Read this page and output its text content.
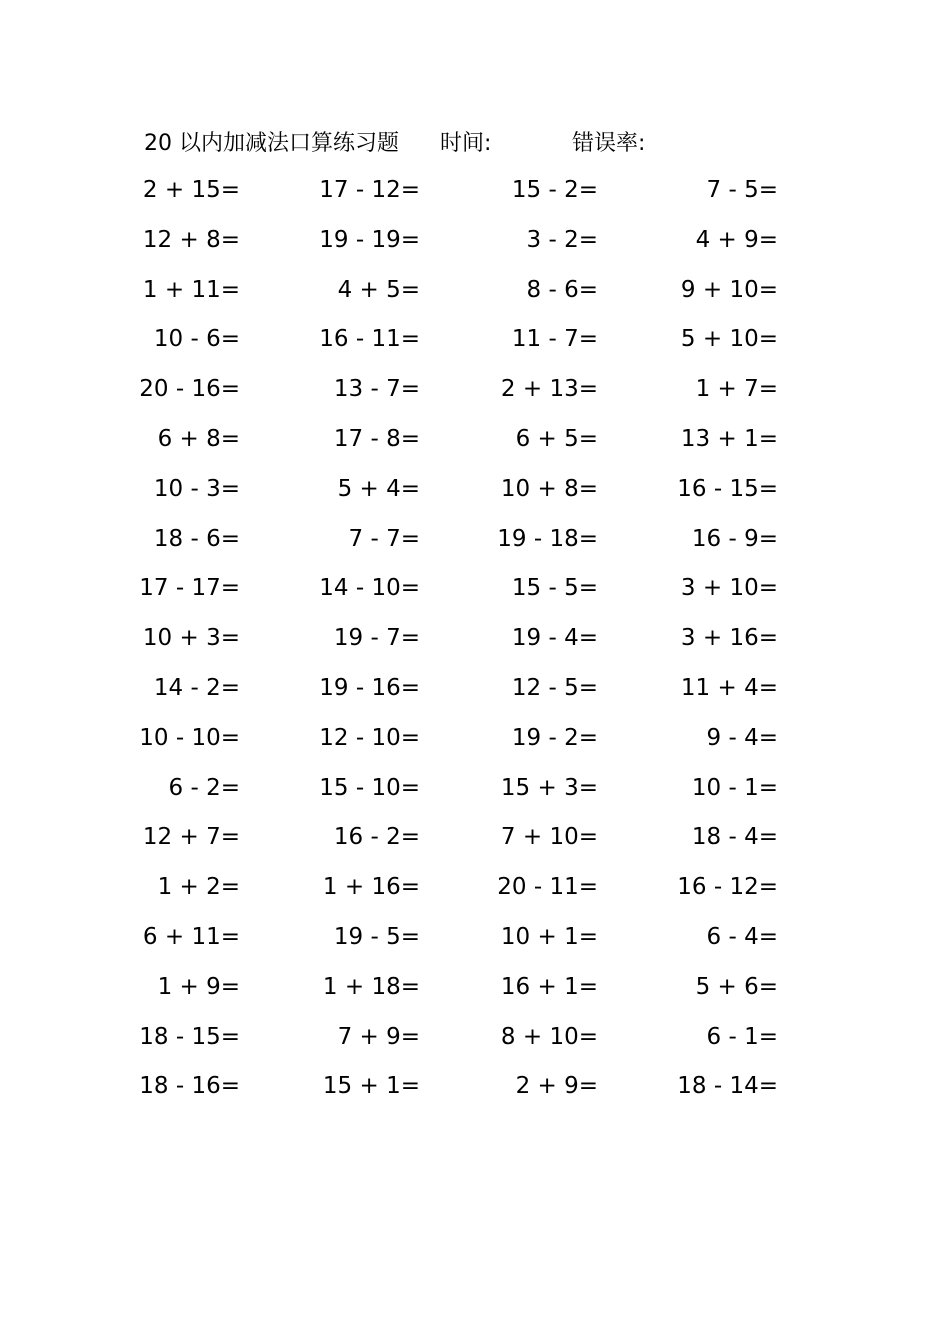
20 以内加减法口算练习题 时间:	错误率:
2 + 15=	17 - 12=	15 - 2=	7 - 5=
12 + 8=	19 - 19=	3 - 2=	4 + 9=
1 + 11=	4 + 5=	8 - 6=	9 + 10=
10 - 6=	16 - 11=	11 - 7=	5 + 10=
20 - 16=	13 - 7=	2 + 13=	1 + 7=
6 + 8=	17 - 8=	6 + 5=	13 + 1=
10 - 3=	5 + 4=	10 + 8=	16 - 15=
18 - 6=	7 - 7=	19 - 18=	16 - 9=
17 - 17=	14 - 10=	15 - 5=	3 + 10=
10 + 3=	19 - 7=	19 - 4=	3 + 16=
14 - 2=	19 - 16=	12 - 5=	11 + 4=
10 - 10=	12 - 10=	19 - 2=	9 - 4=
6 - 2=	15 - 10=	15 + 3=	10 - 1=
12 + 7=	16 - 2=	7 + 10=	18 - 4=
1 + 2=	1 + 16=	20 - 11=	16 - 12=
6 + 11=	19 - 5=	10 + 1=	6 - 4=
1 + 9=	1 + 18=	16 + 1=	5 + 6=
18 - 15=	7 + 9=	8 + 10=	6 - 1=
18 - 16=	15 + 1=	2 + 9=	18 - 14=
